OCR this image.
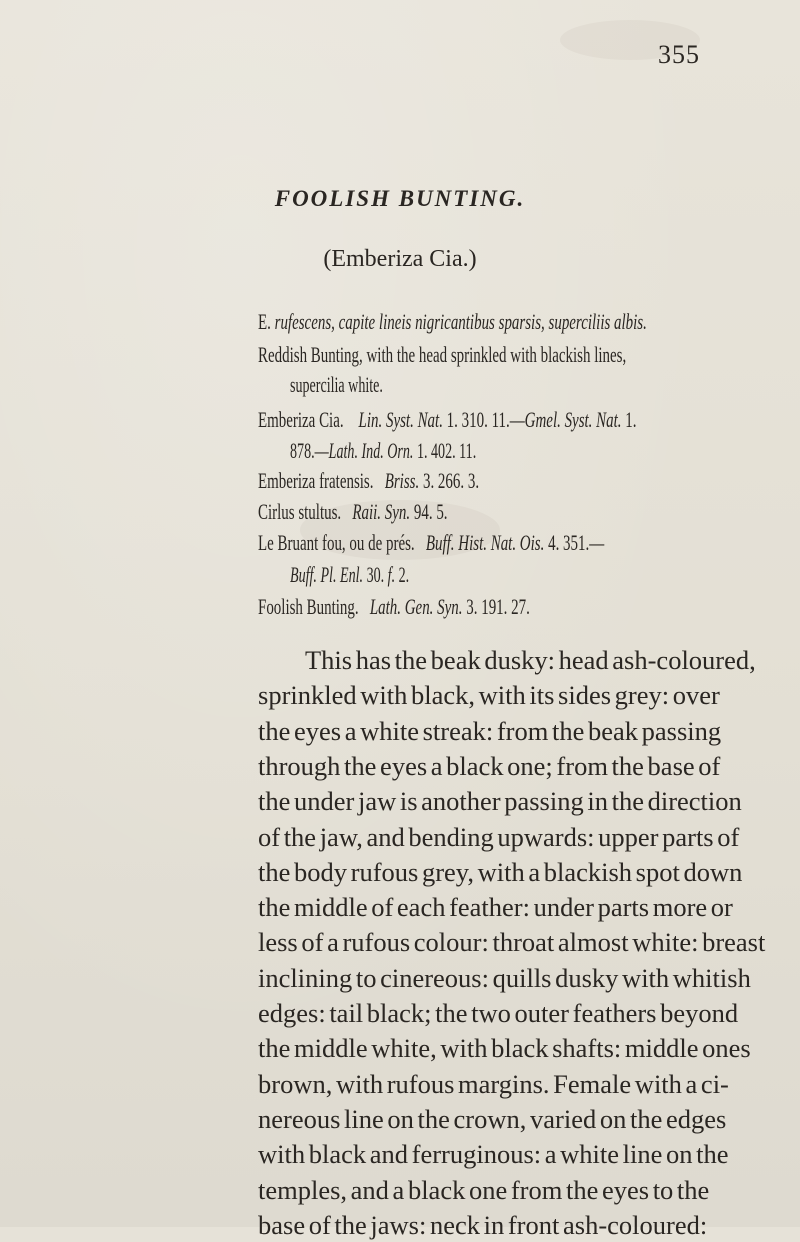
355
FOOLISH BUNTING.
(Emberiza Cia.)
E. rufescens, capite lineis nigricantibus sparsis, superciliis albis.
Reddish Bunting, with the head sprinkled with blackish lines,
supercilia white.
Emberiza Cia.    Lin. Syst. Nat. 1. 310. 11.—Gmel. Syst. Nat. 1.
878.—Lath. Ind. Orn. 1. 402. 11.
Emberiza fratensis.   Briss. 3. 266. 3.
Cirlus stultus.   Raii. Syn. 94. 5.
Le Bruant fou, ou de prés.   Buff. Hist. Nat. Ois. 4. 351.—
Buff. Pl. Enl. 30. f. 2.
Foolish Bunting.   Lath. Gen. Syn. 3. 191. 27.
This has the beak dusky: head ash-coloured,
sprinkled with black, with its sides grey: over
the eyes a white streak: from the beak passing
through the eyes a black one; from the base of
the under jaw is another passing in the direction
of the jaw, and bending upwards: upper parts of
the body rufous grey, with a blackish spot down
the middle of each feather: under parts more or
less of a rufous colour: throat almost white: breast
inclining to cinereous: quills dusky with whitish
edges: tail black; the two outer feathers beyond
the middle white, with black shafts: middle ones
brown, with rufous margins. Female with a ci-
nereous line on the crown, varied on the edges
with black and ferruginous: a white line on the
temples, and a black one from the eyes to the
base of the jaws: neck in front ash-coloured:
